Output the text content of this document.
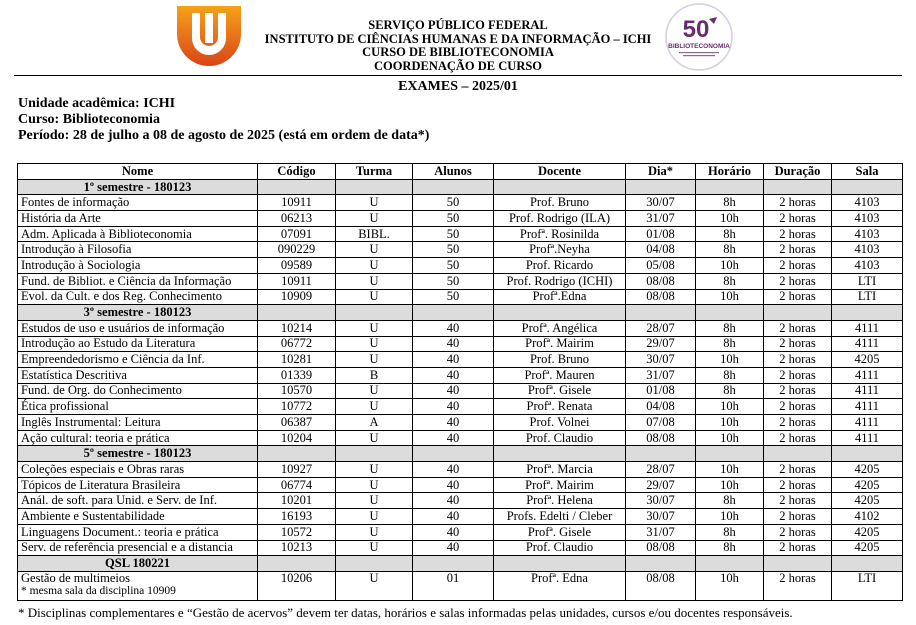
50
BIBLIOTECONOMIA
SERVIÇO PÚBLICO FEDERAL
INSTITUTO DE CIÊNCIAS HUMANAS E DA INFORMAÇÃO – ICHI
CURSO DE BIBLIOTECONOMIA
COORDENAÇÃO DE CURSO
EXAMES – 2025/01
Unidade acadêmica: ICHI
Curso: Biblioteconomia
Período: 28 de julho a 08 de agosto de 2025 (está em ordem de data*)
Nome	Código	Turma	Alunos	Docente	Dia*	Horário	Duração	Sala
1º semestre - 180123								
Fontes de informação	10911	U	50	Prof. Bruno	30/07	8h	2 horas	4103
História da Arte	06213	U	50	Prof. Rodrigo (ILA)	31/07	10h	2 horas	4103
Adm. Aplicada à Biblioteconomia	07091	BIBL.	50	Profª. Rosinilda	01/08	8h	2 horas	4103
Introdução à Filosofia	090229	U	50	Profª.Neyha	04/08	8h	2 horas	4103
Introdução à Sociologia	09589	U	50	Prof. Ricardo	05/08	10h	2 horas	4103
Fund. de Bibliot. e Ciência da Informação	10911	U	50	Prof. Rodrigo (ICHI)	08/08	8h	2 horas	LTI
Evol. da Cult. e dos Reg. Conhecimento	10909	U	50	Profª.Edna	08/08	10h	2 horas	LTI
3º semestre - 180123								
Estudos de uso e usuários de informação	10214	U	40	Profª. Angélica	28/07	8h	2 horas	4111
Introdução ao Estudo da Literatura	06772	U	40	Profª. Mairim	29/07	8h	2 horas	4111
Empreendedorismo e Ciência da Inf.	10281	U	40	Prof. Bruno	30/07	10h	2 horas	4205
Estatística Descritiva	01339	B	40	Profª. Mauren	31/07	8h	2 horas	4111
Fund. de Org. do Conhecimento	10570	U	40	Profª. Gisele	01/08	8h	2 horas	4111
Ética profissional	10772	U	40	Profª. Renata	04/08	10h	2 horas	4111
Inglês Instrumental: Leitura	06387	A	40	Prof. Volnei	07/08	10h	2 horas	4111
Ação cultural: teoria e prática	10204	U	40	Prof. Claudio	08/08	10h	2 horas	4111
5º semestre - 180123								
Coleções especiais e Obras raras	10927	U	40	Profª. Marcia	28/07	10h	2 horas	4205
Tópicos de Literatura Brasileira	06774	U	40	Profª. Mairim	29/07	10h	2 horas	4205
Anál. de soft. para Unid. e Serv. de Inf.	10201	U	40	Profª. Helena	30/07	8h	2 horas	4205
Ambiente e Sustentabilidade	16193	U	40	Profs. Edelti / Cleber	30/07	10h	2 horas	4102
Linguagens Document.: teoria e prática	10572	U	40	Profª. Gisele	31/07	8h	2 horas	4205
Serv. de referência presencial e a distancia	10213	U	40	Prof. Claudio	08/08	8h	2 horas	4205
QSL 180221								

Gestão de multimeios
* mesma sala da disciplina 10909	10206	U	01	Profª. Edna	08/08	10h	2 horas	LTI
* Disciplinas complementares e “Gestão de acervos” devem ter datas, horários e salas informadas pelas unidades, cursos e/ou docentes responsáveis.
